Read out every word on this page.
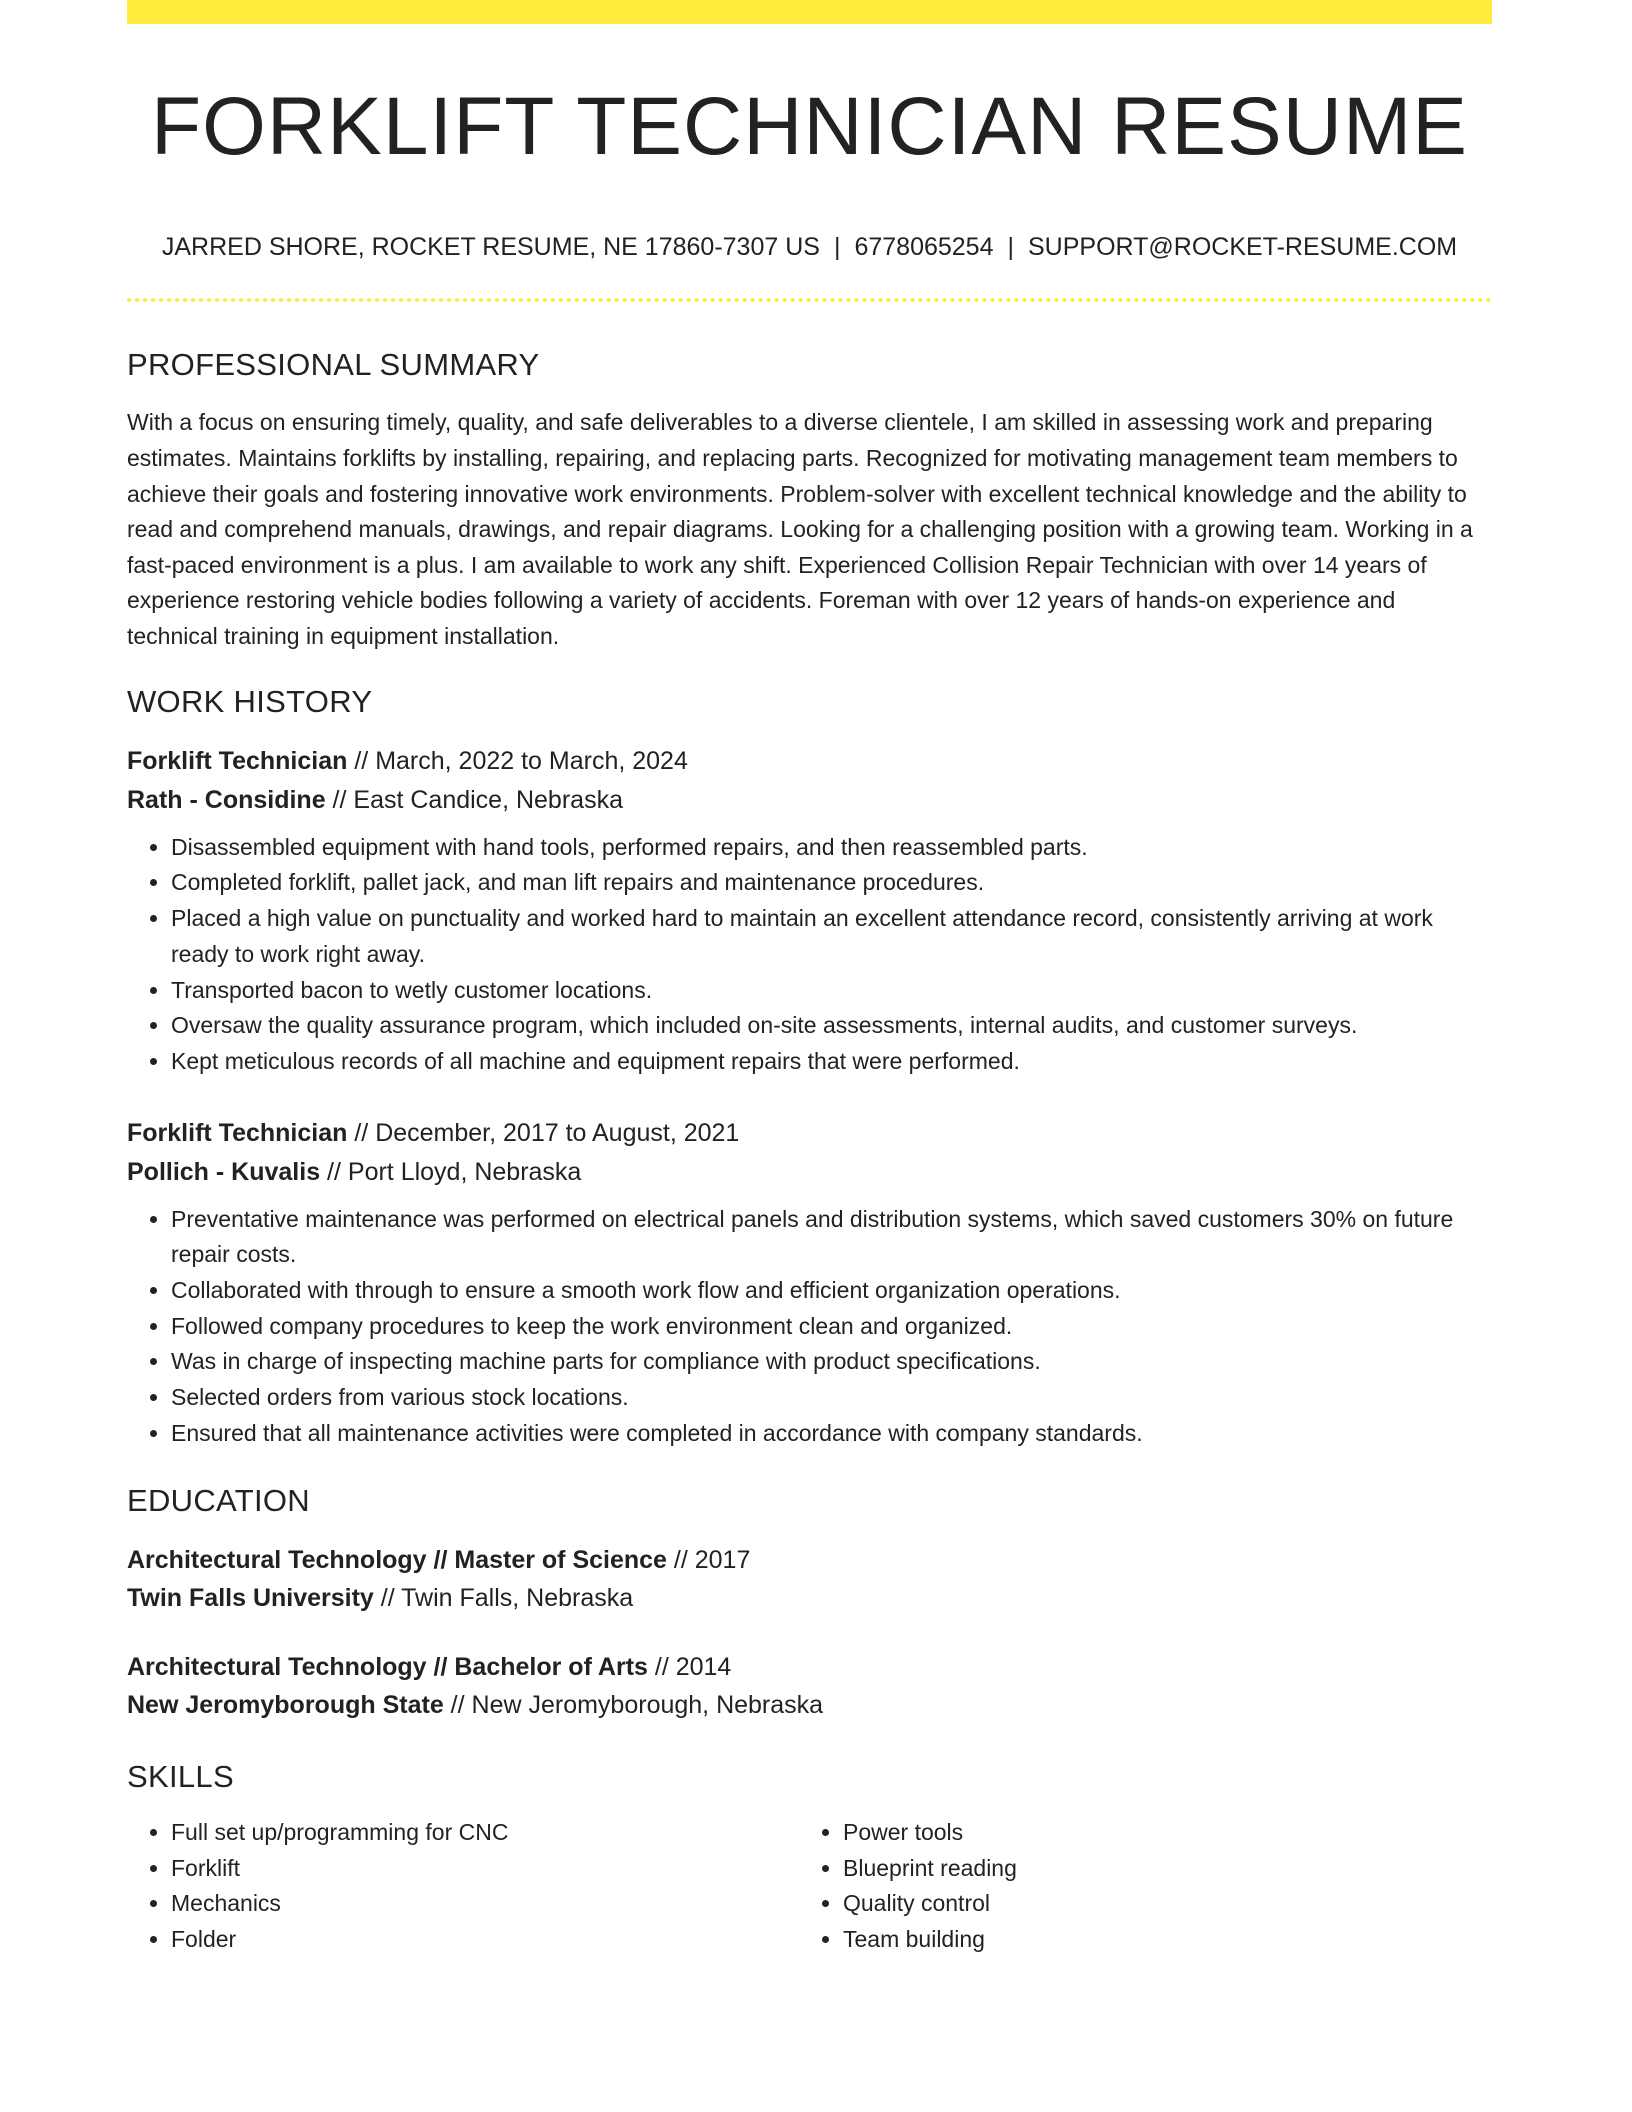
FORKLIFT TECHNICIAN RESUME
JARRED SHORE, ROCKET RESUME, NE 17860-7307 US | 6778065254 | SUPPORT@ROCKET-RESUME.COM
PROFESSIONAL SUMMARY
With a focus on ensuring timely, quality, and safe deliverables to a diverse clientele, I am skilled in assessing work and preparing estimates. Maintains forklifts by installing, repairing, and replacing parts. Recognized for motivating management team members to achieve their goals and fostering innovative work environments. Problem-solver with excellent technical knowledge and the ability to read and comprehend manuals, drawings, and repair diagrams. Looking for a challenging position with a growing team. Working in a fast-paced environment is a plus. I am available to work any shift. Experienced Collision Repair Technician with over 14 years of experience restoring vehicle bodies following a variety of accidents. Foreman with over 12 years of hands-on experience and technical training in equipment installation.
WORK HISTORY
Forklift Technician // March, 2022 to March, 2024
Rath - Considine // East Candice, Nebraska
• Disassembled equipment with hand tools, performed repairs, and then reassembled parts.
• Completed forklift, pallet jack, and man lift repairs and maintenance procedures.
• Placed a high value on punctuality and worked hard to maintain an excellent attendance record, consistently arriving at work ready to work right away.
• Transported bacon to wetly customer locations.
• Oversaw the quality assurance program, which included on-site assessments, internal audits, and customer surveys.
• Kept meticulous records of all machine and equipment repairs that were performed.
Forklift Technician // December, 2017 to August, 2021
Pollich - Kuvalis // Port Lloyd, Nebraska
• Preventative maintenance was performed on electrical panels and distribution systems, which saved customers 30% on future repair costs.
• Collaborated with through to ensure a smooth work flow and efficient organization operations.
• Followed company procedures to keep the work environment clean and organized.
• Was in charge of inspecting machine parts for compliance with product specifications.
• Selected orders from various stock locations.
• Ensured that all maintenance activities were completed in accordance with company standards.
EDUCATION
Architectural Technology // Master of Science // 2017
Twin Falls University // Twin Falls, Nebraska
Architectural Technology // Bachelor of Arts // 2014
New Jeromyborough State // New Jeromyborough, Nebraska
SKILLS
• Full set up/programming for CNC
• Forklift
• Mechanics
• Folder
• Power tools
• Blueprint reading
• Quality control
• Team building
